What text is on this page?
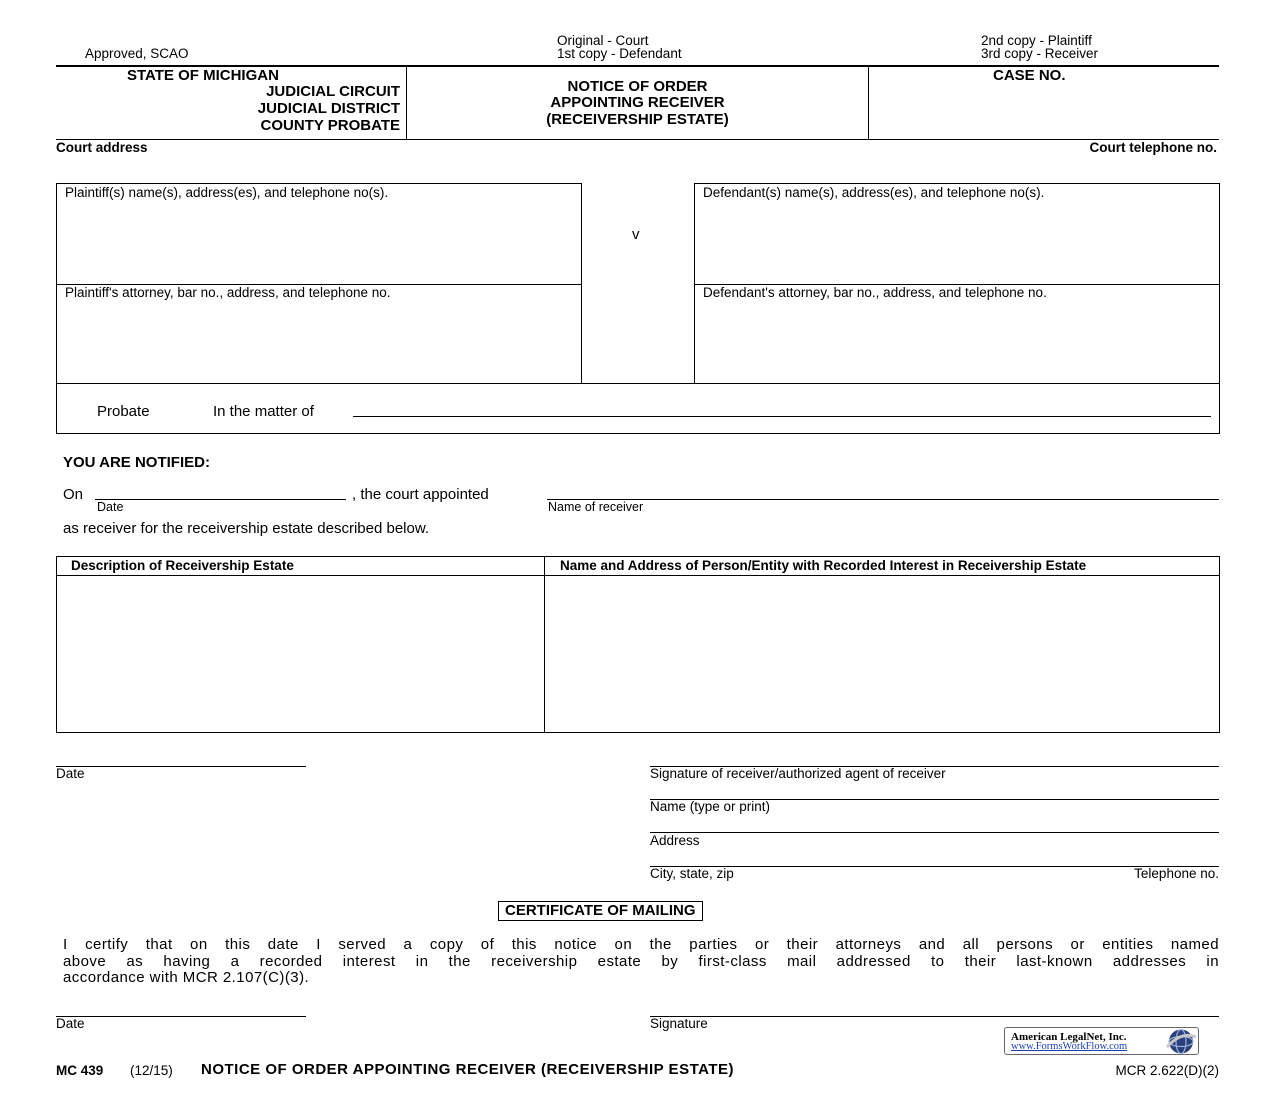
Approved, SCAO
Original - Court
1st copy - Defendant
2nd copy - Plaintiff
3rd copy - Receiver
STATE OF MICHIGAN
JUDICIAL CIRCUIT
JUDICIAL DISTRICT
COUNTY PROBATE
NOTICE OF ORDER
APPOINTING RECEIVER
(RECEIVERSHIP ESTATE)
CASE NO.
Court address	Court telephone no.
Plaintiff(s) name(s), address(es), and telephone no(s).
Plaintiff's attorney, bar no., address, and telephone no.
v
Defendant(s) name(s), address(es), and telephone no(s).
Defendant's attorney, bar no., address, and telephone no.
Probate	In the matter of
YOU ARE NOTIFIED:
On
Date
, the court appointed
Name of receiver
as receiver for the receivership estate described below.
Description of Receivership Estate	Name and Address of Person/Entity with Recorded Interest in Receivership Estate
Date	Signature of receiver/authorized agent of receiver
Name (type or print)
Address
City, state, zip	Telephone no.
CERTIFICATE OF MAILING
I certify that on this date I served a copy of this notice on the parties or their attorneys and all persons or entities named
above as having a recorded interest in the receivership estate by first-class mail addressed to their last-known addresses in
accordance with MCR 2.107(C)(3).
Date	Signature
American LegalNet, Inc.
www.FormsWorkFlow.com
MC 439 (12/15) NOTICE OF ORDER APPOINTING RECEIVER (RECEIVERSHIP ESTATE)	MCR 2.622(D)(2)
